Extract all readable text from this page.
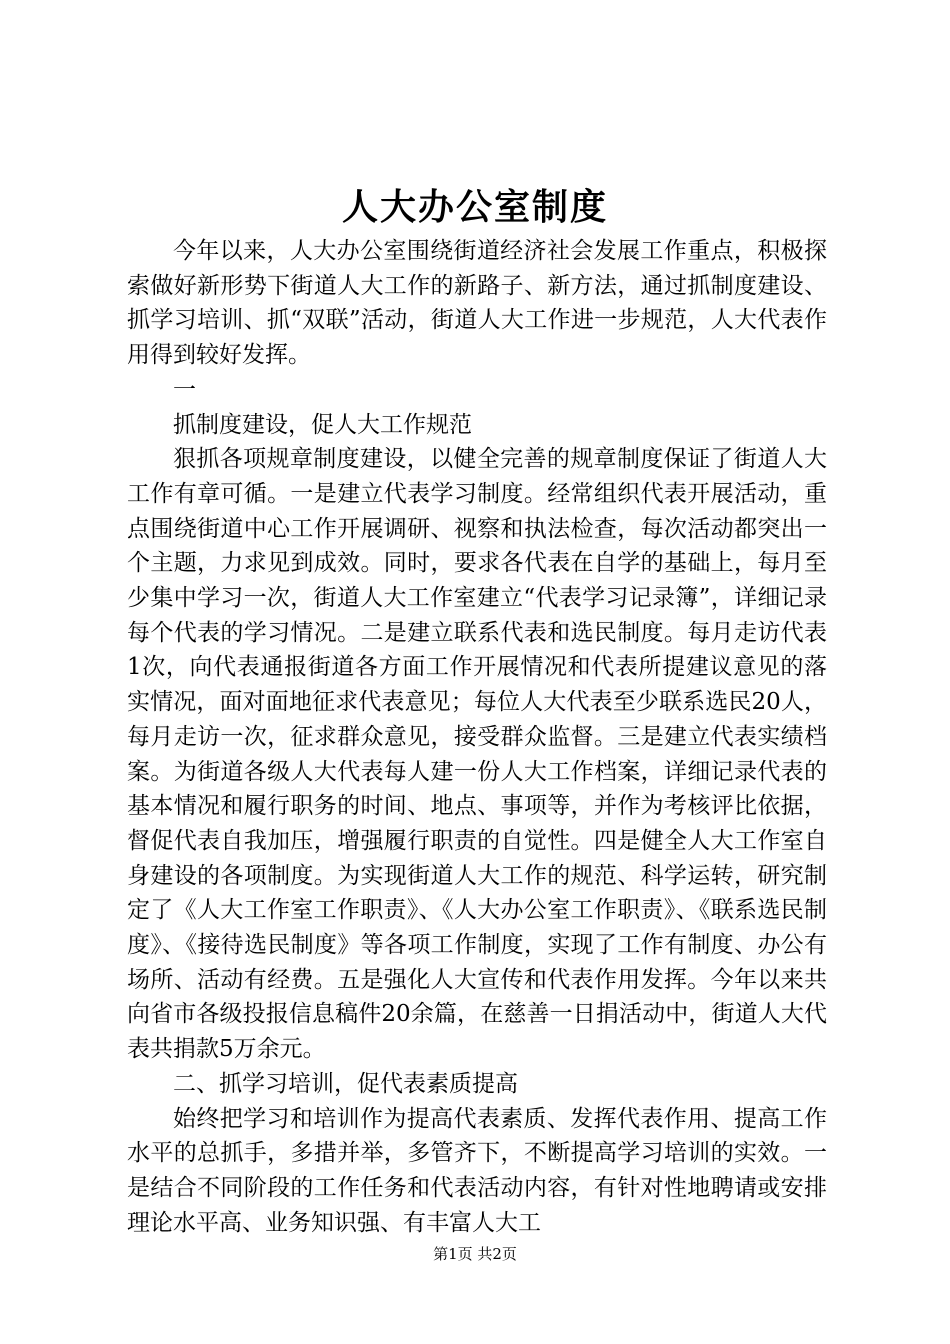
人大办公室制度

今年以来，人大办公室围绕街道经济社会发展工作重点，积极探索做好新形势下街道人大工作的新路子、新方法，通过抓制度建设、抓学习培训、抓“双联”活动，街道人大工作进一步规范，人大代表作用得到较好发挥。

一

抓制度建设，促人大工作规范

狠抓各项规章制度建设，以健全完善的规章制度保证了街道人大工作有章可循。一是建立代表学习制度。经常组织代表开展活动，重点围绕街道中心工作开展调研、视察和执法检查，每次活动都突出一个主题，力求见到成效。同时，要求各代表在自学的基础上，每月至少集中学习一次，街道人大工作室建立“代表学习记录簿”，详细记录每个代表的学习情况。二是建立联系代表和选民制度。每月走访代表1次，向代表通报街道各方面工作开展情况和代表所提建议意见的落实情况，面对面地征求代表意见；每位人大代表至少联系选民20人，每月走访一次，征求群众意见，接受群众监督。三是建立代表实绩档案。为街道各级人大代表每人建一份人大工作档案，详细记录代表的基本情况和履行职务的时间、地点、事项等，并作为考核评比依据，督促代表自我加压，增强履行职责的自觉性。四是健全人大工作室自身建设的各项制度。为实现街道人大工作的规范、科学运转，研究制定了《人大工作室工作职责》、《人大办公室工作职责》、《联系选民制度》、《接待选民制度》等各项工作制度，实现了工作有制度、办公有场所、活动有经费。五是强化人大宣传和代表作用发挥。今年以来共向省市各级投报信息稿件20余篇，在慈善一日捐活动中，街道人大代表共捐款5万余元。

二、抓学习培训，促代表素质提高

始终把学习和培训作为提高代表素质、发挥代表作用、提高工作水平的总抓手，多措并举，多管齐下，不断提高学习培训的实效。一是结合不同阶段的工作任务和代表活动内容，有针对性地聘请或安排理论水平高、业务知识强、有丰富人大工

第1页 共2页
